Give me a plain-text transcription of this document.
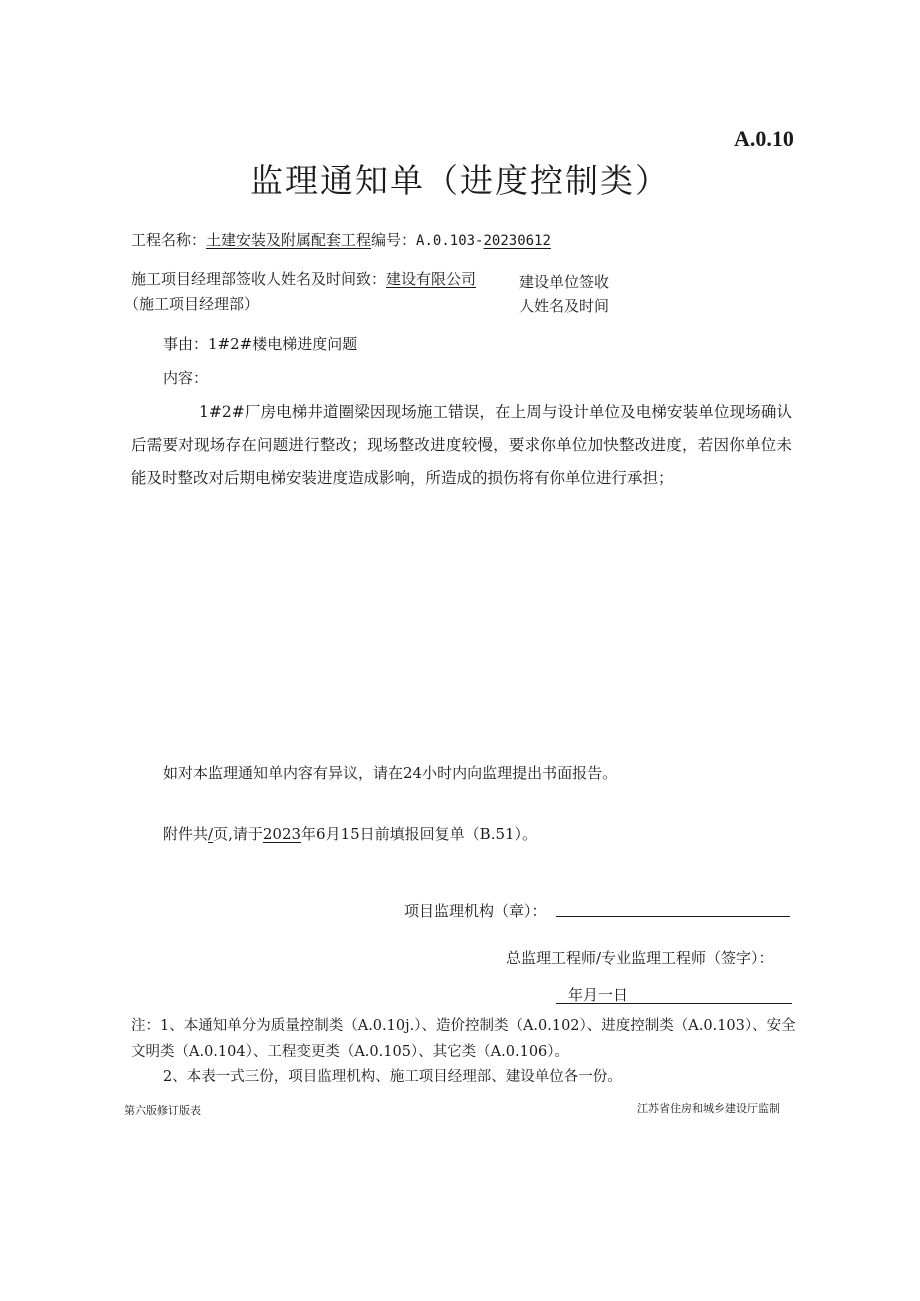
A.0.10
监理通知单（进度控制类）
工程名称：土建安装及附属配套工程编号：A.0.103-20230612
施工项目经理部签收人姓名及时间致：建设有限公司
（施工项目经理部）
建设单位签收
人姓名及时间
事由：1#2#楼电梯进度问题
内容：
1#2#厂房电梯井道圈梁因现场施工错误，在上周与设计单位及电梯安装单位现场确认后需要对现场存在问题进行整改；现场整改进度较慢，要求你单位加快整改进度，若因你单位未能及时整改对后期电梯安装进度造成影响，所造成的损伤将有你单位进行承担；
如对本监理通知单内容有异议，请在24小时内向监理提出书面报告。
附件共/页,请于2023年6月15日前填报回复单（B.51）。
项目监理机构（章）：
总监理工程师/专业监理工程师（签字）：
年月一日
注：1、本通知单分为质量控制类（A.0.10j.）、造价控制类（A.0.102）、进度控制类（A.0.103）、安全文明类（A.0.104）、工程变更类（A.0.105）、其它类（A.0.106）。
2、本表一式三份，项目监理机构、施工项目经理部、建设单位各一份。
第六版修订版表	江苏省住房和城乡建设厅监制
